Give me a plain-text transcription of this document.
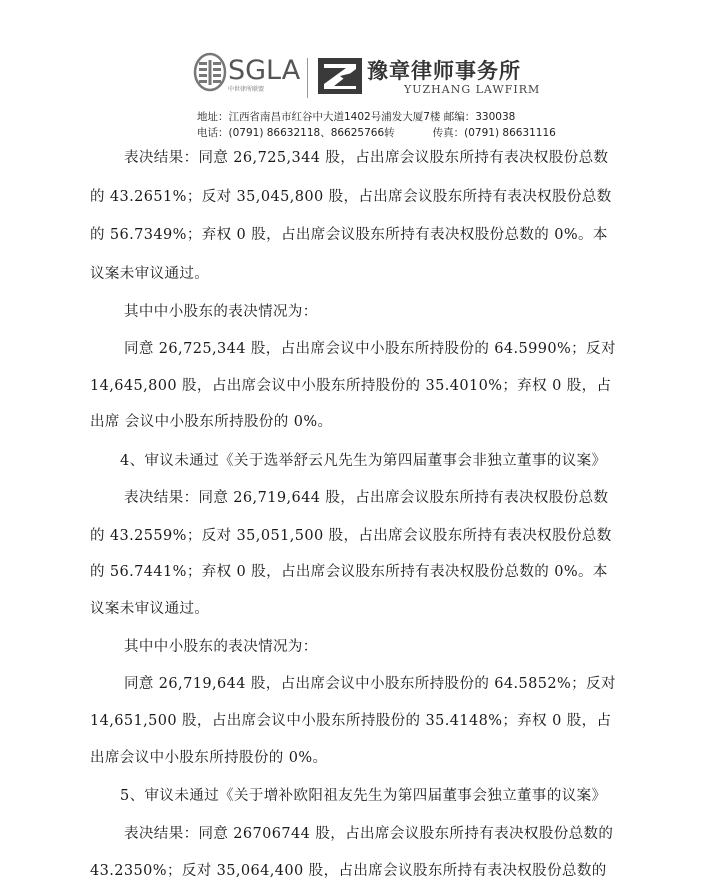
SGLA
中世律所联盟
豫章律师事务所
YUZHANG LAWFIRM
地址：江西省南昌市红谷中大道1402号浦发大厦7楼 邮编：330038
电话：(0791) 86632118、86625766转	传真：(0791) 86631116
表决结果：同意 26,725,344 股，占出席会议股东所持有表决权股份总数
的 43.2651%；反对 35,045,800 股，占出席会议股东所持有表决权股份总数
的 56.7349%；弃权 0 股，占出席会议股东所持有表决权股份总数的 0%。本
议案未审议通过。
其中中小股东的表决情况为：
同意 26,725,344 股，占出席会议中小股东所持股份的 64.5990%；反对
14,645,800 股，占出席会议中小股东所持股份的 35.4010%；弃权 0 股，占
出席 会议中小股东所持股份的 0%。
4、审议未通过《关于选举舒云凡先生为第四届董事会非独立董事的议案》
表决结果：同意 26,719,644 股，占出席会议股东所持有表决权股份总数
的 43.2559%；反对 35,051,500 股，占出席会议股东所持有表决权股份总数
的 56.7441%；弃权 0 股，占出席会议股东所持有表决权股份总数的 0%。本
议案未审议通过。
其中中小股东的表决情况为：
同意 26,719,644 股，占出席会议中小股东所持股份的 64.5852%；反对
14,651,500 股，占出席会议中小股东所持股份的 35.4148%；弃权 0 股，占
出席会议中小股东所持股份的 0%。
5、审议未通过《关于增补欧阳祖友先生为第四届董事会独立董事的议案》
表决结果：同意 26706744 股，占出席会议股东所持有表决权股份总数的
43.2350%；反对 35,064,400 股，占出席会议股东所持有表决权股份总数的
